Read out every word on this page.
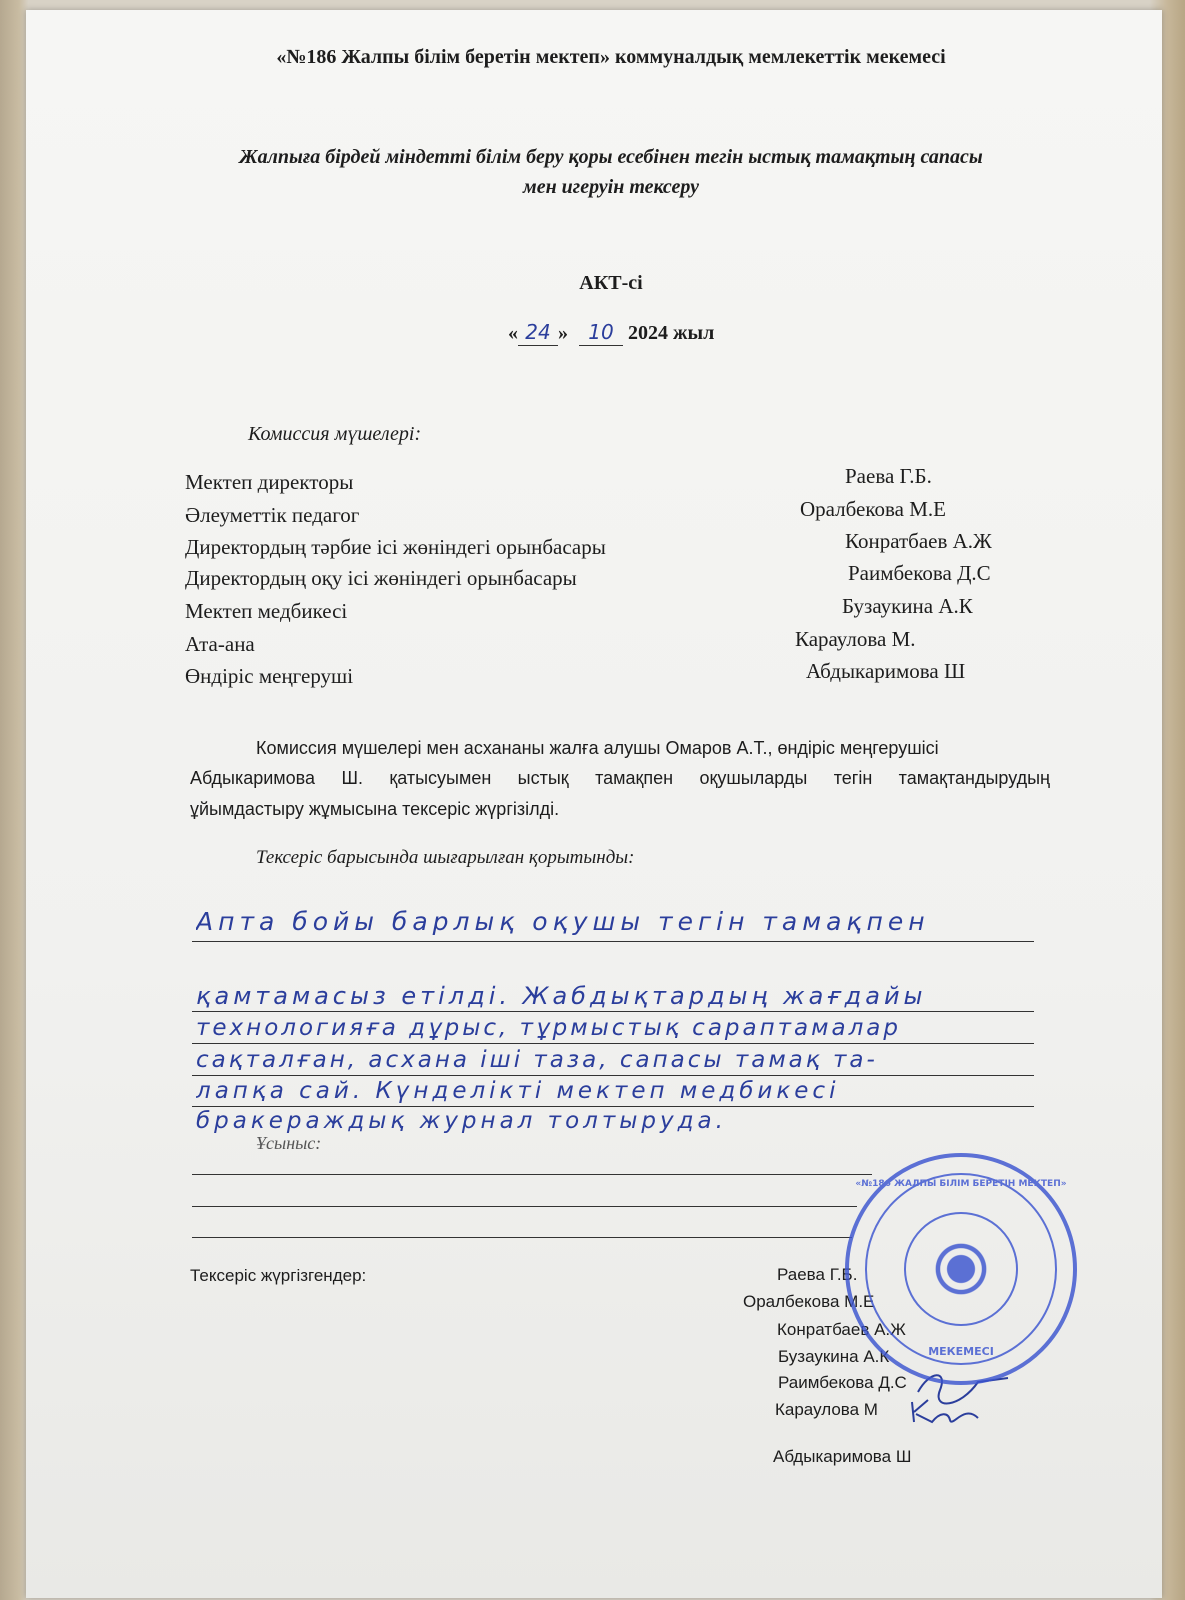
«№186 Жалпы білім беретін мектеп» коммуналдық мемлекеттік мекемесі
Жалпыға бірдей міндетті білім беру қоры есебінен тегін ыстық тамақтың сапасы
мен игеруін тексеру
АКТ-сі
« 24 » 10 2024 жыл
Комиссия мүшелері:
Мектеп директоры	Раева Г.Б.
Әлеуметтік педагог	Оралбекова М.Е
Директордың тәрбие ісі жөніндегі орынбасары	Конратбаев А.Ж
Директордың оқу ісі жөніндегі орынбасары	Раимбекова Д.С
Мектеп медбикесі	Бузаукина А.К
Ата-ана	Караулова М.
Өндіріс меңгеруші	Абдыкаримова Ш
Комиссия мүшелері мен асхананы жалға алушы Омаров А.Т., өндіріс меңгерушісі
Абдыкаримова Ш. қатысуымен ыстық тамақпен оқушыларды тегін тамақтандырудың
ұйымдастыру жұмысына тексеріс жүргізілді.
Тексеріс барысында шығарылған қорытынды:
Апта бойы барлық оқушы тегін тамақпен
қамтамасыз етілді. Жабдықтардың жағдайы
технологияға дұрыс, тұрмыстық сараптамалар
сақталған, асхана іші таза, сапасы тамақ та-
лапқа сай. Күнделікті мектеп медбикесі
бракераждық журнал толтыруда.
Ұсыныс:
Тексеріс жүргізгендер:	Раева Г.Б.
Оралбекова М.Е
Конратбаев А.Ж
Бузаукина А.К
Раимбекова Д.С
Караулова М
Абдыкаримова Ш
«№186 ЖАЛПЫ БІЛІМ БЕРЕТІН МЕКТЕП»
МЕКЕМЕСІ
